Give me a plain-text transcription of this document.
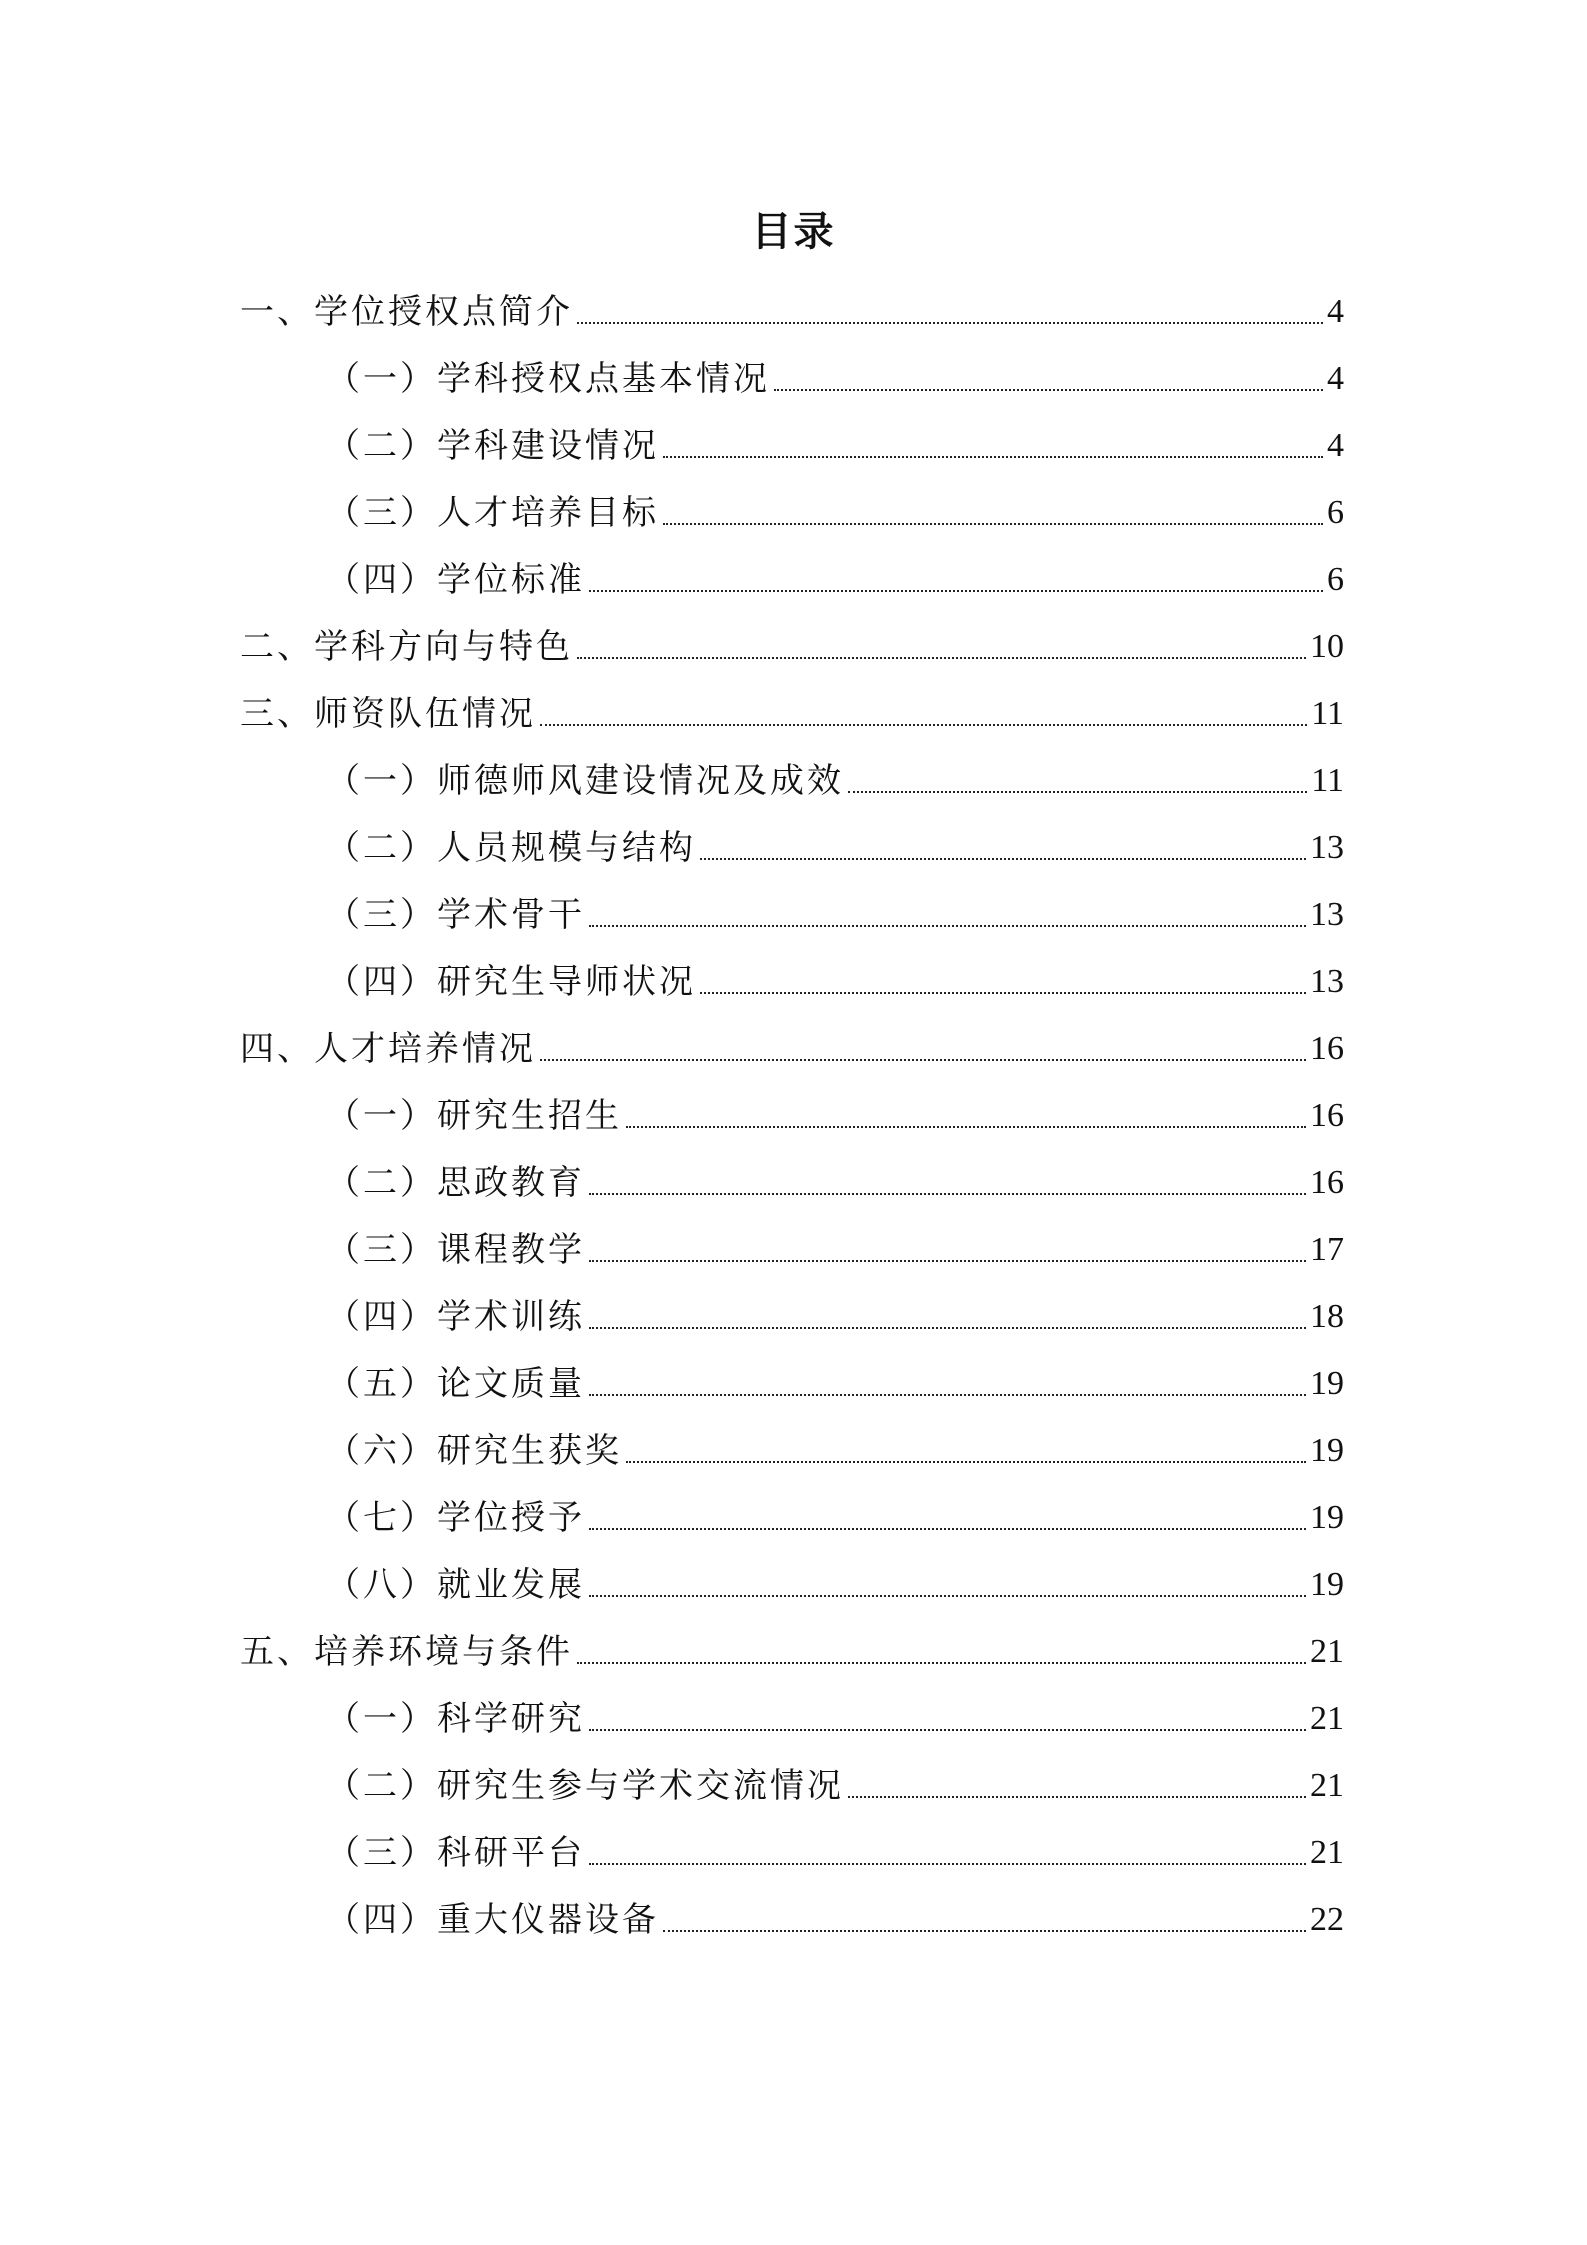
目录
一、学位授权点简介	4
（一）学科授权点基本情况	4
（二）学科建设情况	4
（三）人才培养目标	6
（四）学位标准	6
二、学科方向与特色	10
三、师资队伍情况	11
（一）师德师风建设情况及成效	11
（二）人员规模与结构	13
（三）学术骨干	13
（四）研究生导师状况	13
四、人才培养情况	16
（一）研究生招生	16
（二）思政教育	16
（三）课程教学	17
（四）学术训练	18
（五）论文质量	19
（六）研究生获奖	19
（七）学位授予	19
（八）就业发展	19
五、培养环境与条件	21
（一）科学研究	21
（二）研究生参与学术交流情况	21
（三）科研平台	21
（四）重大仪器设备	22
